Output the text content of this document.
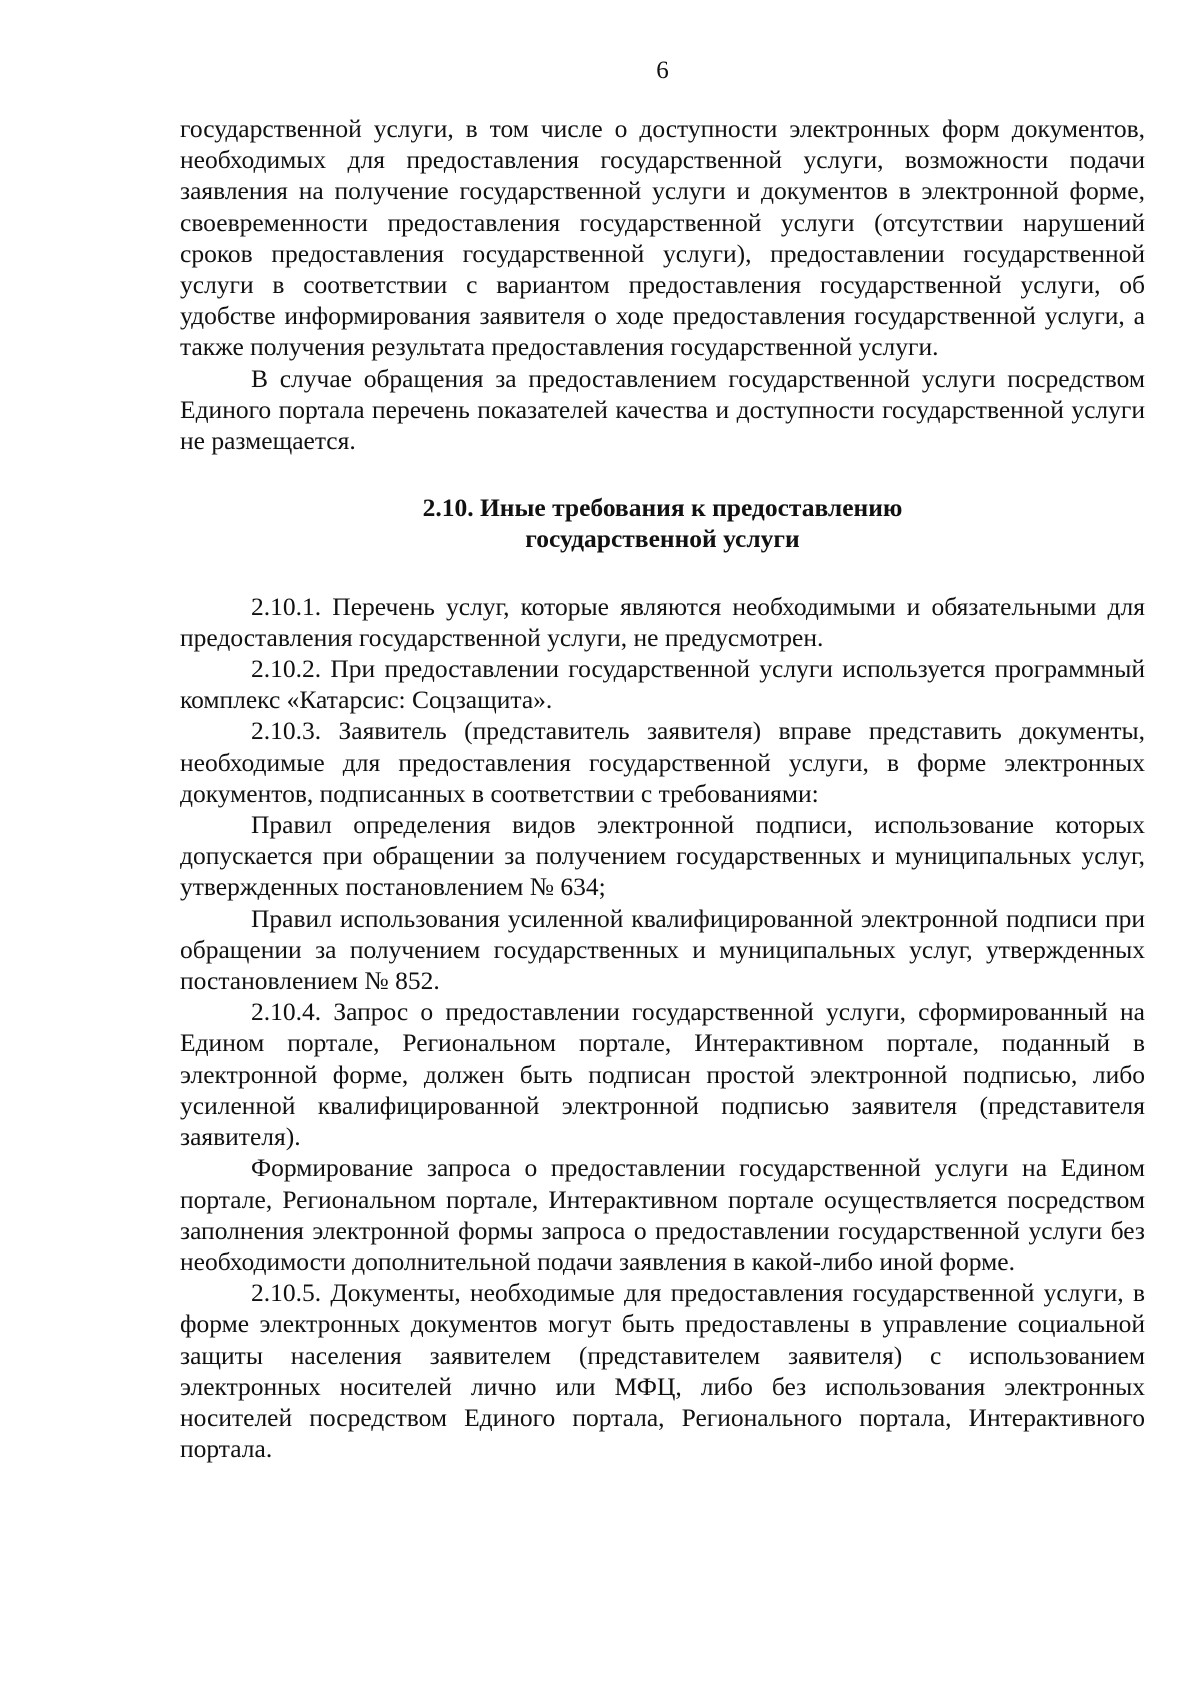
6

государственной услуги, в том числе о доступности электронных форм документов, необходимых для предоставления государственной услуги, возможности подачи заявления на получение государственной услуги и документов в электронной форме, своевременности предоставления государственной услуги (отсутствии нарушений сроков предоставления государственной услуги), предоставлении государственной услуги в соответствии с вариантом предоставления государственной услуги, об удобстве информирования заявителя о ходе предоставления государственной услуги, а также получения результата предоставления государственной услуги.

В случае обращения за предоставлением государственной услуги посредством Единого портала перечень показателей качества и доступности государственной услуги не размещается.

2.10. Иные требования к предоставлению
государственной услуги

2.10.1. Перечень услуг, которые являются необходимыми и обязательными для предоставления государственной услуги, не предусмотрен.

2.10.2. При предоставлении государственной услуги используется программный комплекс «Катарсис: Соцзащита».

2.10.3. Заявитель (представитель заявителя) вправе представить документы, необходимые для предоставления государственной услуги, в форме электронных документов, подписанных в соответствии с требованиями:

Правил определения видов электронной подписи, использование которых допускается при обращении за получением государственных и муниципальных услуг, утвержденных постановлением № 634;

Правил использования усиленной квалифицированной электронной подписи при обращении за получением государственных и муниципальных услуг, утвержденных постановлением № 852.

2.10.4. Запрос о предоставлении государственной услуги, сформированный на Едином портале, Региональном портале, Интерактивном портале, поданный в электронной форме, должен быть подписан простой электронной подписью, либо усиленной квалифицированной электронной подписью заявителя (представителя заявителя).

Формирование запроса о предоставлении государственной услуги на Едином портале, Региональном портале, Интерактивном портале осуществляется посредством заполнения электронной формы запроса о предоставлении государственной услуги без необходимости дополнительной подачи заявления в какой-либо иной форме.

2.10.5. Документы, необходимые для предоставления государственной услуги, в форме электронных документов могут быть предоставлены в управление социальной защиты населения заявителем (представителем заявителя) с использованием электронных носителей лично или МФЦ, либо без использования электронных носителей посредством Единого портала, Регионального портала, Интерактивного портала.
